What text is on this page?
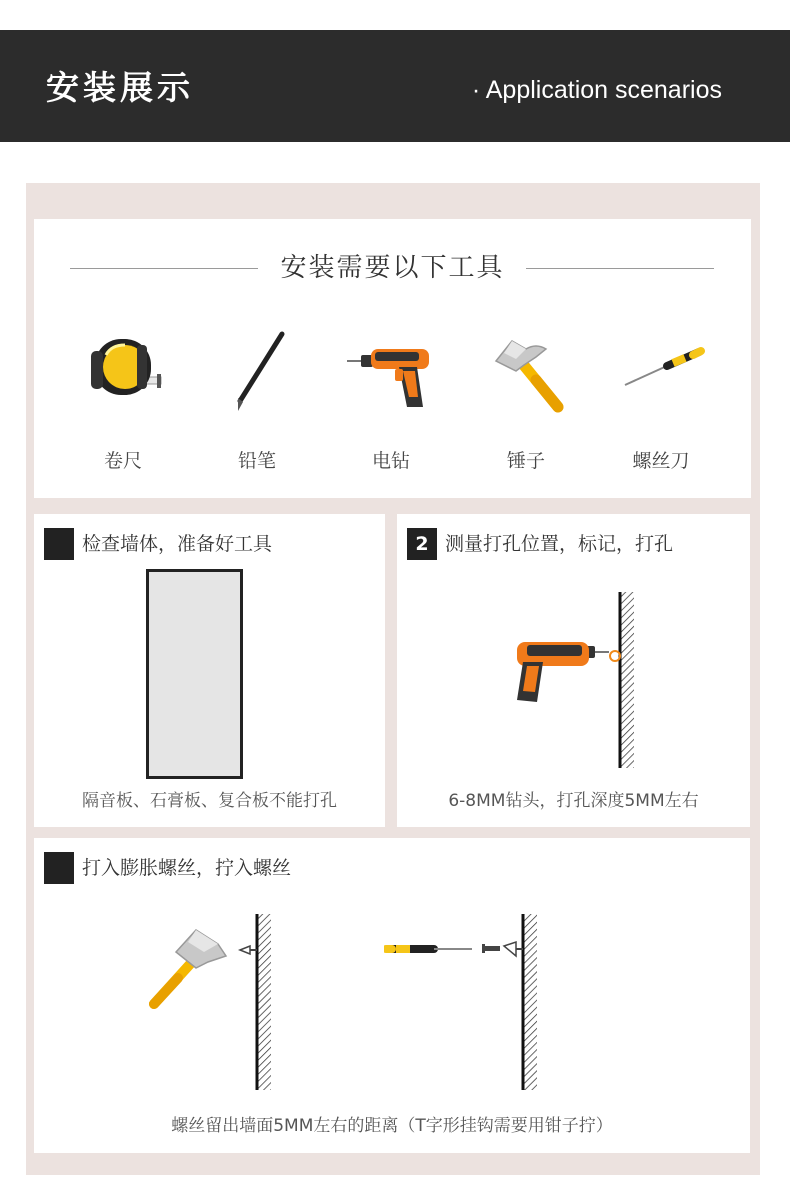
安装展示	· Application scenarios
安装需要以下工具
卷尺	铅笔	电钻	锤子	螺丝刀
检查墙体，准备好工具
隔音板、石膏板、复合板不能打孔
2 测量打孔位置，标记，打孔
6-8MM钻头，打孔深度5MM左右
打入膨胀螺丝，拧入螺丝
螺丝留出墙面5MM左右的距离（T字形挂钩需要用钳子拧）
